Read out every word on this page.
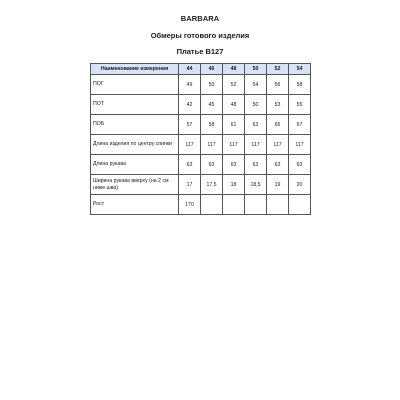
BARBARA
Обмеры готового изделия
Платье В127
Наименование измерения	44	46	48	50	52	54
ПОГ	49	50	52	54	56	58
ПОТ	42	45	48	50	53	55
ПОБ	57	58	61	63	65	67
Длина изделия по центру спинки	117	117	117	117	117	117
Длина рукава	63	63	63	63	63	63
Ширина рукава вверху (на 2 см ниже шва)	17	17,5	18	18,5	19	20
Рост	170					
